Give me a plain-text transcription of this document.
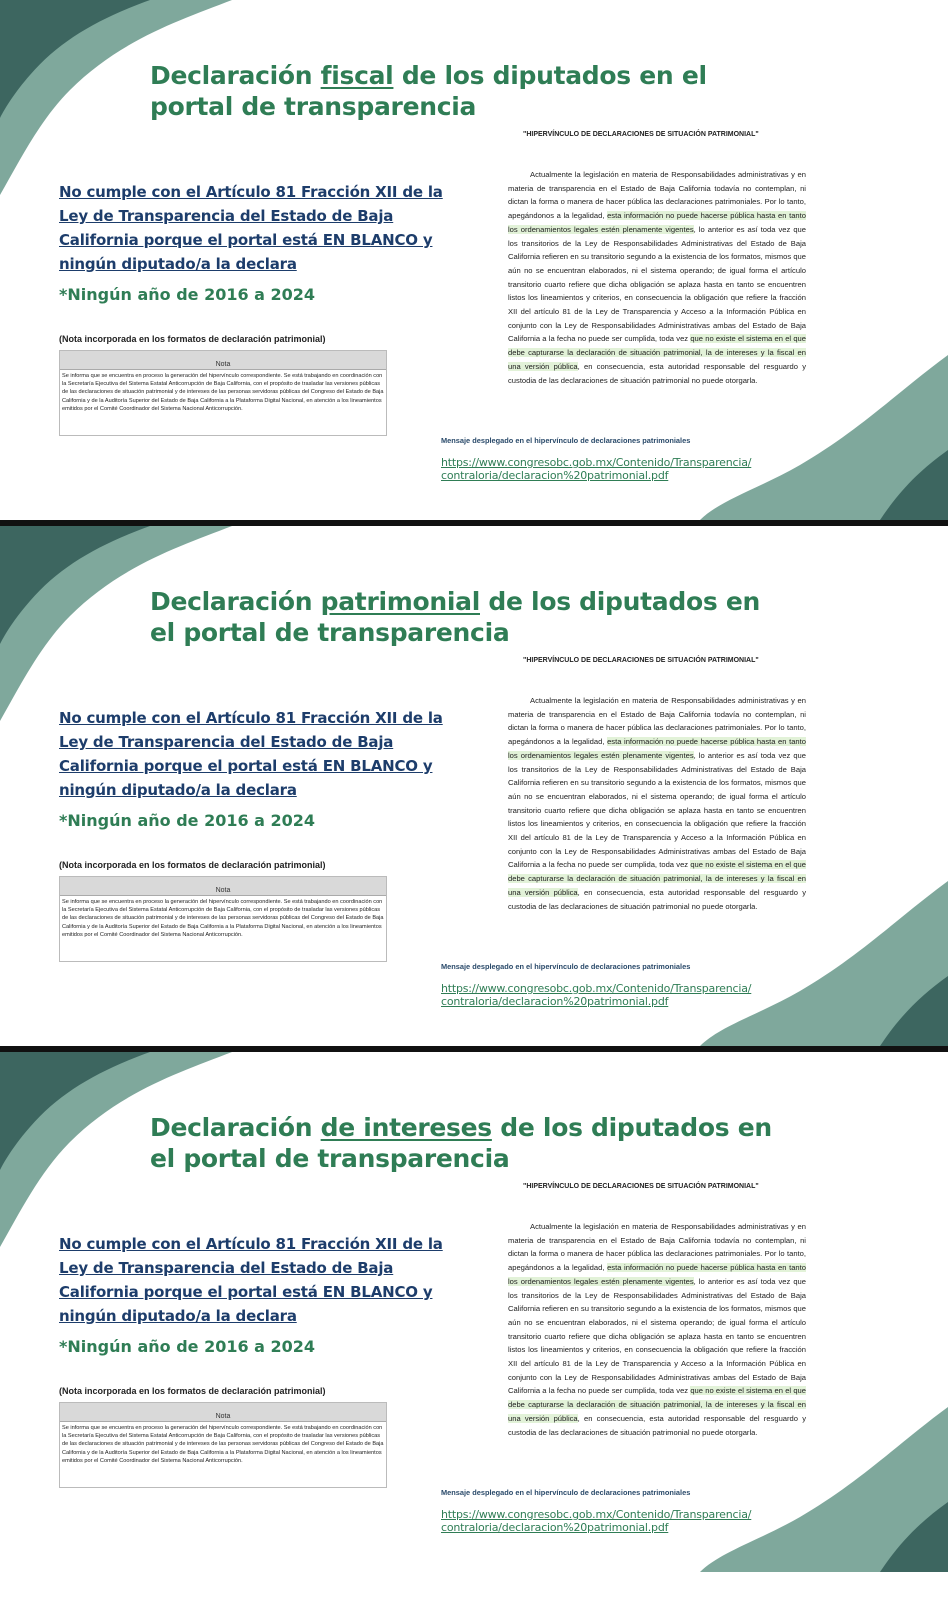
Declaración fiscal de los diputados en el portal de transparencia
No cumple con el Artículo 81 Fracción XII de la Ley de Transparencia del Estado de Baja California porque el portal está EN BLANCO y ningún diputado/a la declara
*Ningún año de 2016 a 2024
(Nota incorporada en los formatos de declaración patrimonial)
Nota
Se informa que se encuentra en proceso la generación del hipervínculo correspondiente. Se está trabajando en coordinación con la Secretaría Ejecutiva del Sistema Estatal Anticorrupción de Baja California, con el propósito de trasladar las versiones públicas de las declaraciones de situación patrimonial y de intereses de las personas servidoras públicas del Congreso del Estado de Baja California y de la Auditoría Superior del Estado de Baja California a la Plataforma Digital Nacional, en atención a los lineamientos emitidos por el Comité Coordinador del Sistema Nacional Anticorrupción.
"HIPERVÍNCULO DE DECLARACIONES DE SITUACIÓN PATRIMONIAL"
Actualmente la legislación en materia de Responsabilidades administrativas y en materia de transparencia en el Estado de Baja California todavía no contemplan, ni dictan la forma o manera de hacer pública las declaraciones patrimoniales. Por lo tanto, apegándonos a la legalidad, esta información no puede hacerse pública hasta en tanto los ordenamientos legales estén plenamente vigentes, lo anterior es así toda vez que los transitorios de la Ley de Responsabilidades Administrativas del Estado de Baja California refieren en su transitorio segundo a la existencia de los formatos, mismos que aún no se encuentran elaborados, ni el sistema operando; de igual forma el artículo transitorio cuarto refiere que dicha obligación se aplaza hasta en tanto se encuentren listos los lineamientos y criterios, en consecuencia la obligación que refiere la fracción XII del artículo 81 de la Ley de Transparencia y Acceso a la Información Pública en conjunto con la Ley de Responsabilidades Administrativas ambas del Estado de Baja California a la fecha no puede ser cumplida, toda vez que no existe el sistema en el que debe capturarse la declaración de situación patrimonial, la de intereses y la fiscal en una versión pública, en consecuencia, esta autoridad responsable del resguardo y custodia de las declaraciones de situación patrimonial no puede otorgarla.
Mensaje desplegado en el hipervínculo de declaraciones patrimoniales
https://www.congresobc.gob.mx/Contenido/Transparencia/
contraloria/declaracion%20patrimonial.pdf
Declaración patrimonial de los diputados en el portal de transparencia
No cumple con el Artículo 81 Fracción XII de la Ley de Transparencia del Estado de Baja California porque el portal está EN BLANCO y ningún diputado/a la declara
*Ningún año de 2016 a 2024
(Nota incorporada en los formatos de declaración patrimonial)
Nota
Se informa que se encuentra en proceso la generación del hipervínculo correspondiente. Se está trabajando en coordinación con la Secretaría Ejecutiva del Sistema Estatal Anticorrupción de Baja California, con el propósito de trasladar las versiones públicas de las declaraciones de situación patrimonial y de intereses de las personas servidoras públicas del Congreso del Estado de Baja California y de la Auditoría Superior del Estado de Baja California a la Plataforma Digital Nacional, en atención a los lineamientos emitidos por el Comité Coordinador del Sistema Nacional Anticorrupción.
"HIPERVÍNCULO DE DECLARACIONES DE SITUACIÓN PATRIMONIAL"
Actualmente la legislación en materia de Responsabilidades administrativas y en materia de transparencia en el Estado de Baja California todavía no contemplan, ni dictan la forma o manera de hacer pública las declaraciones patrimoniales. Por lo tanto, apegándonos a la legalidad, esta información no puede hacerse pública hasta en tanto los ordenamientos legales estén plenamente vigentes, lo anterior es así toda vez que los transitorios de la Ley de Responsabilidades Administrativas del Estado de Baja California refieren en su transitorio segundo a la existencia de los formatos, mismos que aún no se encuentran elaborados, ni el sistema operando; de igual forma el artículo transitorio cuarto refiere que dicha obligación se aplaza hasta en tanto se encuentren listos los lineamientos y criterios, en consecuencia la obligación que refiere la fracción XII del artículo 81 de la Ley de Transparencia y Acceso a la Información Pública en conjunto con la Ley de Responsabilidades Administrativas ambas del Estado de Baja California a la fecha no puede ser cumplida, toda vez que no existe el sistema en el que debe capturarse la declaración de situación patrimonial, la de intereses y la fiscal en una versión pública, en consecuencia, esta autoridad responsable del resguardo y custodia de las declaraciones de situación patrimonial no puede otorgarla.
Mensaje desplegado en el hipervínculo de declaraciones patrimoniales
https://www.congresobc.gob.mx/Contenido/Transparencia/
contraloria/declaracion%20patrimonial.pdf
Declaración de intereses de los diputados en el portal de transparencia
No cumple con el Artículo 81 Fracción XII de la Ley de Transparencia del Estado de Baja California porque el portal está EN BLANCO y ningún diputado/a la declara
*Ningún año de 2016 a 2024
(Nota incorporada en los formatos de declaración patrimonial)
Nota
Se informa que se encuentra en proceso la generación del hipervínculo correspondiente. Se está trabajando en coordinación con la Secretaría Ejecutiva del Sistema Estatal Anticorrupción de Baja California, con el propósito de trasladar las versiones públicas de las declaraciones de situación patrimonial y de intereses de las personas servidoras públicas del Congreso del Estado de Baja California y de la Auditoría Superior del Estado de Baja California a la Plataforma Digital Nacional, en atención a los lineamientos emitidos por el Comité Coordinador del Sistema Nacional Anticorrupción.
"HIPERVÍNCULO DE DECLARACIONES DE SITUACIÓN PATRIMONIAL"
Actualmente la legislación en materia de Responsabilidades administrativas y en materia de transparencia en el Estado de Baja California todavía no contemplan, ni dictan la forma o manera de hacer pública las declaraciones patrimoniales. Por lo tanto, apegándonos a la legalidad, esta información no puede hacerse pública hasta en tanto los ordenamientos legales estén plenamente vigentes, lo anterior es así toda vez que los transitorios de la Ley de Responsabilidades Administrativas del Estado de Baja California refieren en su transitorio segundo a la existencia de los formatos, mismos que aún no se encuentran elaborados, ni el sistema operando; de igual forma el artículo transitorio cuarto refiere que dicha obligación se aplaza hasta en tanto se encuentren listos los lineamientos y criterios, en consecuencia la obligación que refiere la fracción XII del artículo 81 de la Ley de Transparencia y Acceso a la Información Pública en conjunto con la Ley de Responsabilidades Administrativas ambas del Estado de Baja California a la fecha no puede ser cumplida, toda vez que no existe el sistema en el que debe capturarse la declaración de situación patrimonial, la de intereses y la fiscal en una versión pública, en consecuencia, esta autoridad responsable del resguardo y custodia de las declaraciones de situación patrimonial no puede otorgarla.
Mensaje desplegado en el hipervínculo de declaraciones patrimoniales
https://www.congresobc.gob.mx/Contenido/Transparencia/
contraloria/declaracion%20patrimonial.pdf
